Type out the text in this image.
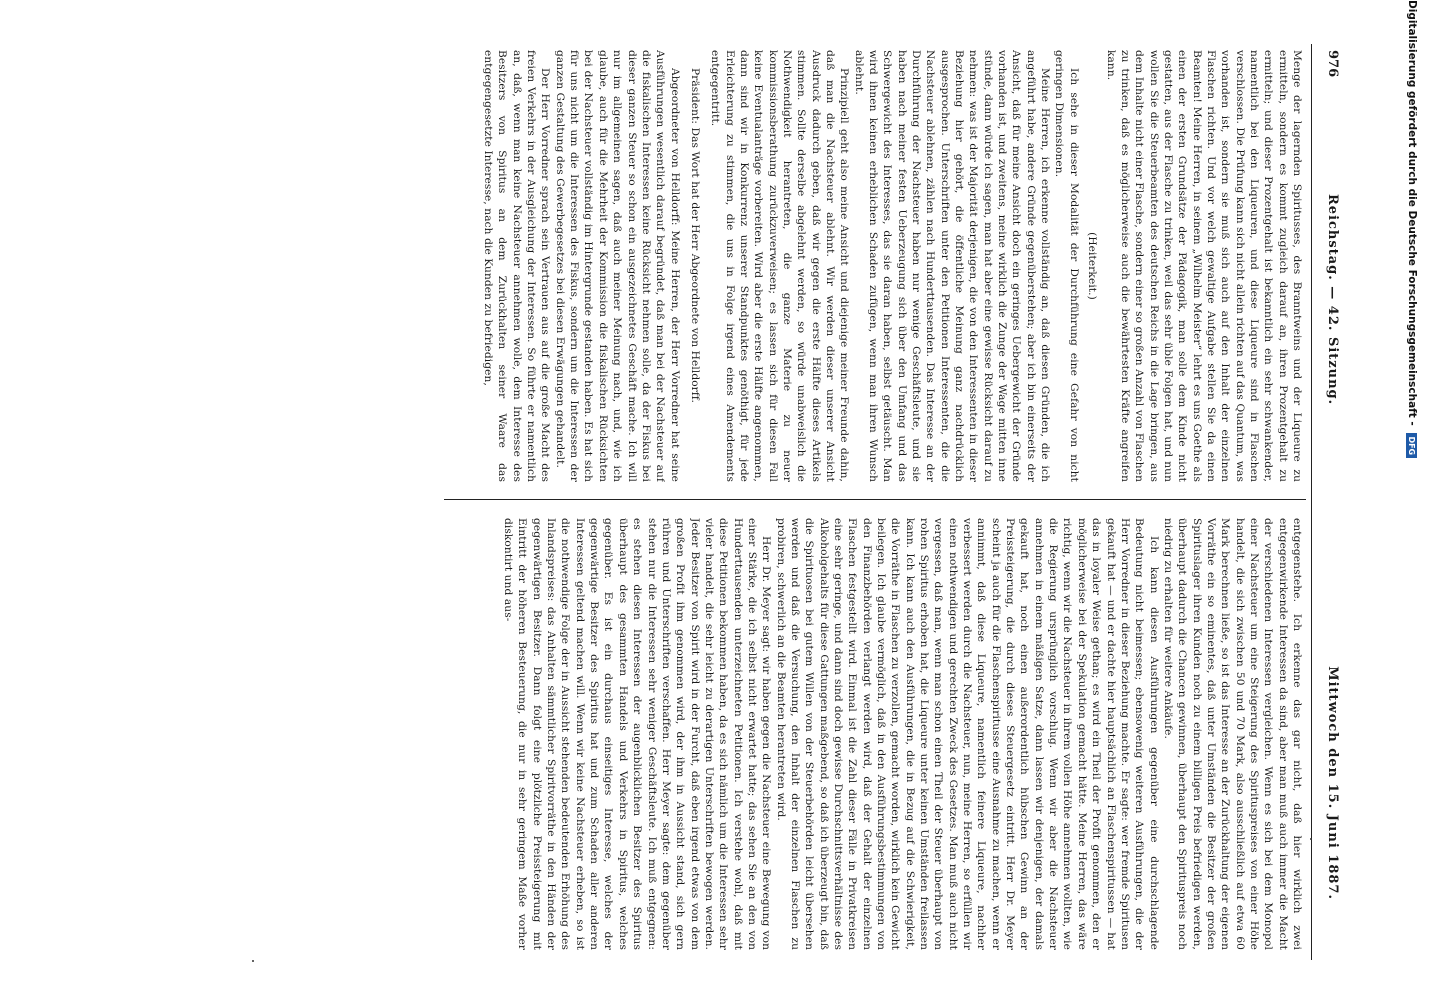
976
Reichstag. — 42. Sitzung.
Mittwoch den 15. Juni 1887.

Menge der lagernden Spiritusses, des Branntweins und der Liqueure zu ermitteln, sondern es kommt zugleich darauf an, ihren Prozentgehalt zu ermitteln; und dieser Prozentgehalt ist bekanntlich ein sehr schwankender, namentlich bei den Liqueuren, und diese Liqueure sind in Flaschen verschlossen. Die Prüfung kann sich nicht allein richten auf das Quantum, was vorhanden ist, sondern sie muß sich auch auf den Inhalt der einzelnen Flaschen richten. Und vor welch gewaltige Aufgabe stellen Sie da einen Beamten! Meine Herren, in seinem „Wilhelm Meister“ lehrt es uns Goethe als einen der ersten Grundsätze der Pädagogik, man solle dem Kinde nicht gestatten, aus der Flasche zu trinken, weil das sehr üble Folgen hat, und nun wollen Sie die Steuerbeamten des deutschen Reichs in die Lage bringen, aus dem Inhalte nicht einer Flasche, sondern einer so großen Anzahl von Flaschen zu trinken, daß es möglicherweise auch die bewährtesten Kräfte angreifen kann.

(Heiterkeit.)

Ich sehe in dieser Modalität der Durchführung eine Gefahr von nicht geringen Dimensionen.

Meine Herren, ich erkenne vollständig an, daß diesen Gründen, die ich angeführt habe, andere Gründe gegenüberstehen; aber ich bin einerseits der Ansicht, daß für meine Ansicht doch ein geringes Uebergewicht der Gründe vorhanden ist, und zweitens, meine wirklich die Zunge der Wage mitten inne stünde, dann würde ich sagen, man hat aber eine gewisse Rücksicht darauf zu nehmen: was ist der Majorität derjenigen, die von den Interessenten in dieser Beziehung hier gehört, die öffentliche Meinung ganz nachdrücklich ausgesprochen. Unterschriften unter den Petitionen Interessenten, die die Nachsteuer ablehnen, zählen nach Hunderttausenden. Das Interesse an der Durchführung der Nachsteuer haben nur wenige Geschäftsleute, und sie haben nach meiner festen Ueberzeugung sich über den Umfang und das Schwergewicht des Interesses, das sie daran haben, selbst getäuscht. Man wird ihnen keinen erheblichen Schaden zufügen, wenn man ihren Wunsch ablehnt.

Prinzipiell geht also meine Ansicht und diejenige meiner Freunde dahin, daß man die Nachsteuer ablehnt. Wir werden dieser unserer Ansicht Ausdruck dadurch geben, daß wir gegen die erste Hälfte dieses Artikels stimmen. Sollte derselbe abgelehnt werden, so würde unabweislich die Nothwendigkeit herantreten, die ganze Materie zu neuer kommissionsberathung zurückzuverweisen; es lassen sich für diesen Fall keine Eventualanträge vorbereiten. Wird aber die erste Hälfte angenommen, dann sind wir in Konkurrenz unserer Standpunktes genöthigt, für jede Erleichterung zu stimmen, die uns in Folge irgend eines Amendements entgegentritt.

Präsident: Das Wort hat der Herr Abgeordnete von Helldorff.

Abgeordneter von Helldorff: Meine Herren, der Herr Vorredner hat seine Ausführungen wesentlich darauf begründet, daß man bei der Nachsteuer auf die fiskalischen Interessen keine Rücksicht nehmen solle, da der Fiskus bei dieser ganzen Steuer so schon ein ausgezeichnetes Geschäft mache. Ich will nur im allgemeinen sagen, daß auch meiner Meinung nach, und, wie ich glaube, auch für die Mehrheit der Kommission die fiskalischen Rücksichten bei der Nachsteuer vollständig im Hintergrunde gestanden haben. Es hat sich für uns nicht um die Interessen des Fiskus, sondern um die Interessen der ganzen Gestaltung des Gewerbegesetzes bei diesen Erwägungen gehandelt.

Der Herr Vorredner sprach sein Vertrauen aus auf die große Macht des freien Verkehrs in der Ausgleichung der Interessen. So führte er namentlich an, daß, wenn man keine Nachsteuer annehmen wolle, dem Interesse des Besitzers von Spiritus an dem Zurückhalten seiner Waare das entgegengesetzte Interesse, nach die Kunden zu befriedigen,

entgegenstehe. Ich erkenne das gar nicht, daß hier wirklich zwei entgegenwirkende Interessen da sind, aber man muß auch immer die Macht der verschiedenen Interessen vergleichen. Wenn es sich bei dem Monopol einer Nachsteuer um eine Steigerung des Spirituspreises von einer Höhe handelt, die sich zwischen 50 und 70 Mark, also ausschließlich auf etwa 60 Mark berechnen ließe, so ist das Interesse an der Zurückhaltung der eigenen Vorräthe ein so eminentes, daß unter Umständen die Besitzer der großen Spirituslager ihren Kunden noch zu einem billigen Preis befriedigen werden, überhaupt dadurch die Chancen gewinnen, überhaupt den Spirituspreis noch niedrig zu erhalten für weitere Ankäufe.

Ich kann diesen Ausführungen gegenüber eine durchschlagende Bedeutung nicht beimessen; ebensowenig weiteren Ausführungen, die der Herr Vorredner in dieser Beziehung machte. Er sagte: wer fremde Spiritusen gekauft hat — und er dachte hier hauptsächlich an Flaschenspiritussen — hat das in loyaler Weise gethan; es wird ein Theil der Profit genommen, den er möglicherweise bei der Spekulation gemacht hätte. Meine Herren, das wäre richtig, wenn wir die Nachsteuer in ihrem vollen Höhe annehmen wollten, wie die Regierung ursprünglich vorschlug. Wenn wir aber die Nachsteuer annehmen in einem mäßigen Satze, dann lassen wir denjenigen, der damals gekauft hat, noch einen außerordentlich hübschen Gewinn an der Preissteigerung, die durch dieses Steuergesetz eintritt. Herr Dr. Meyer scheint ja auch für die Flaschenspiritusse eine Ausnahme zu machen, wenn er annimmt, daß diese Liqueure, namentlich feinere Liqueure, nachher verbessert werden durch die Nachsteuer, nun, meine Herren, so erfüllen wir einen nothwendigen und gerechten Zweck des Gesetzes. Man muß auch nicht vergessen, daß man, wenn man schon einen Theil der Steuer überhaupt von rohen Spiritus erhoben hat, die Liqueure unter keinen Umständen freilassen kann. Ich kann auch den Ausführungen, die in Bezug auf die Schwierigkeit, die Vorräthe in Flaschen zu verzollen, gemacht worden, wirklich kein Gewicht beilegen. Ich glaube vermöglich, daß in den Ausführungsbestimmungen von den Finanzbehörden verlangt werden wird, daß der Gehalt der einzelnen Flaschen festgestellt wird. Einmal ist die Zahl dieser Fälle in Privatkreisen eine sehr geringe, und dann sind doch gewisse Durchschnittsverhältnisse des Alkoholgehalts für diese Gattungen maßgebend, so daß ich überzeugt bin, daß die Spirituosen bei gutem Willen von der Steuerbehörden leicht übersehen werden und daß die Versuchung, den Inhalt der einzelnen Flaschen zu probiren, schwerlich an die Beamten herantreten wird.

Herr Dr. Meyer sagt: wir haben gegen die Nachsteuer eine Bewegung von einer Stärke, die ich selbst nicht erwartet hatte; das sehen Sie an den von Hunderttausenden unterzeichneten Petitionen. Ich verstehe wohl, daß mit diese Petitionen bekommen haben, da es sich nämlich um die Interessen sehr vieler handelt, die sehr leicht zu derartigen Unterschriften bewogen werden. Jeder Besitzer von Spirit wird in der Furcht, daß eben irgend etwas von dem großen Profit ihm genommen wird, der ihm in Aussicht stand, sich gern rühren und Unterschriften verschaffen. Herr Meyer sagte: dem gegenüber stehen nur die Interessen sehr weniger Geschäftsleute. Ich muß entgegnen: es stehen diesen Interessen der augenblicklichen Besitzer des Spiritus überhaupt des gesammten Handels und Verkehrs in Spiritus, welches gegenüber. Es ist ein durchaus einseitiges Interesse, welches der gegenwärtige Besitzer des Spiritus hat und zum Schaden aller anderen Interessen geltend machen will. Wenn wir keine Nachsteuer erheben, so ist die nothwendige Folge der in Aussicht stehenden bedeutenden Erhöhung des Inlandspreises: das Anhalten sämmtlicher Spiritvorräthe in den Händen der gegenwärtigen Besitzer. Dann folgt eine plötzliche Preissteigerung mit Eintritt der höheren Besteuerung, die nur in sehr geringem Maße vorher diskontirt und aus-

Digitalisierung gefördert durch die Deutsche Forschungsgemeinschaft - DFG
